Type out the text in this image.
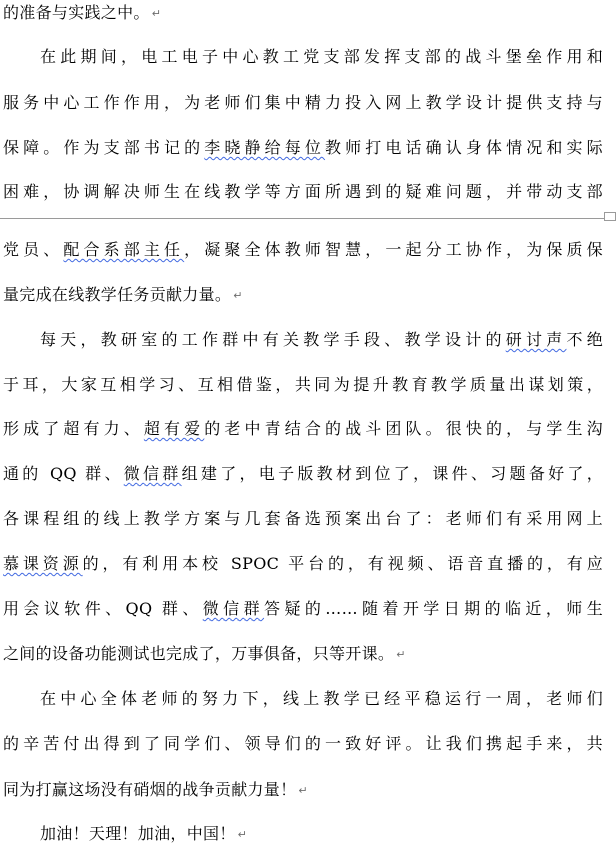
的准备与实践之中。 ↵
在此期间，电工电子中心教工党支部发挥支部的战斗堡垒作用和
服务中心工作作用，为老师们集中精力投入网上教学设计提供支持与
保障。作为支部书记的李晓静给每位教师打电话确认身体情况和实际
困难，协调解决师生在线教学等方面所遇到的疑难问题，并带动支部
党员、配合系部主任，凝聚全体教师智慧，一起分工协作，为保质保
量完成在线教学任务贡献力量。 ↵
每天，教研室的工作群中有关教学手段、教学设计的研讨声不绝
于耳，大家互相学习、互相借鉴，共同为提升教育教学质量出谋划策，
形成了超有力、超有爱的老中青结合的战斗团队。很快的，与学生沟
通的 QQ 群、微信群组建了，电子版教材到位了，课件、习题备好了，
各课程组的线上教学方案与几套备选预案出台了：老师们有采用网上
慕课资源的，有利用本校 SPOC 平台的，有视频、语音直播的，有应
用会议软件、QQ 群、微信群答疑的……随着开学日期的临近，师生
之间的设备功能测试也完成了，万事俱备，只等开课。 ↵
在中心全体老师的努力下，线上教学已经平稳运行一周，老师们
的辛苦付出得到了同学们、领导们的一致好评。让我们携起手来，共
同为打赢这场没有硝烟的战争贡献力量！ ↵
加油！天理！加油，中国！ ↵
